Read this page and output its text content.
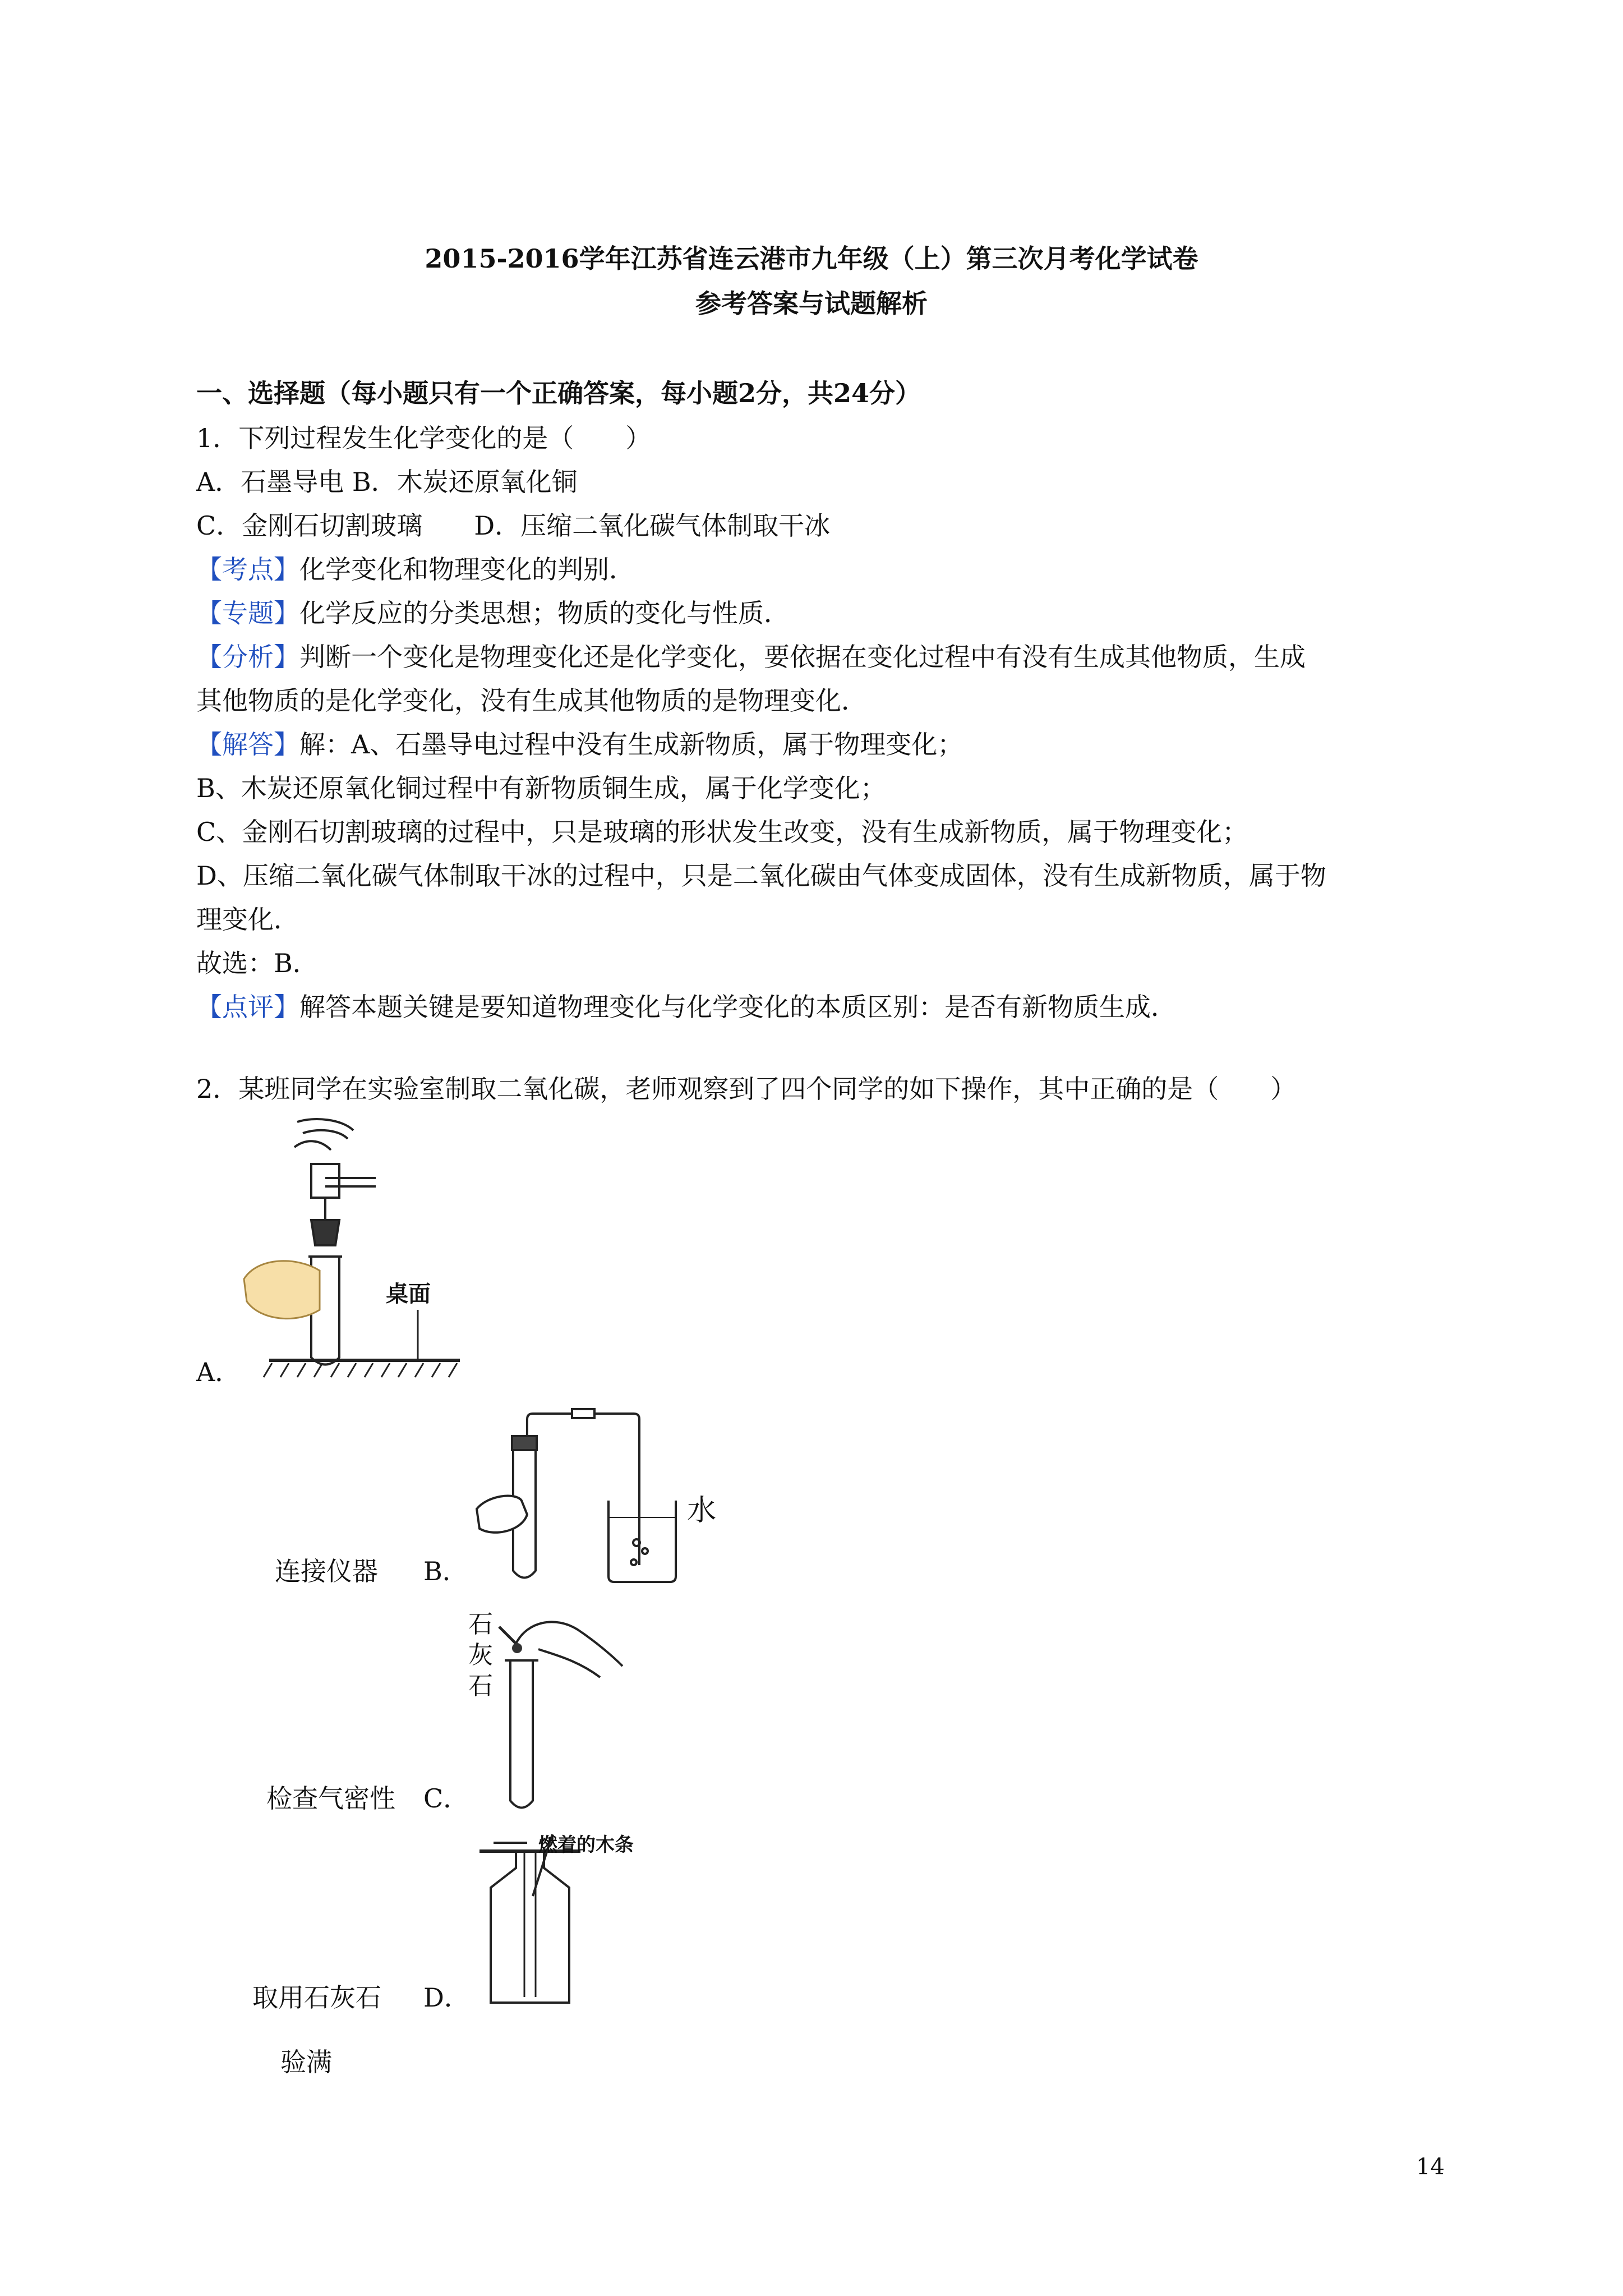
2015-2016学年江苏省连云港市九年级（上）第三次月考化学试卷
参考答案与试题解析
一、选择题（每小题只有一个正确答案，每小题2分，共24分）
1．下列过程发生化学变化的是（　　）
A．石墨导电 B．木炭还原氧化铜
C．金刚石切割玻璃　　D．压缩二氧化碳气体制取干冰
【考点】化学变化和物理变化的判别．
【专题】化学反应的分类思想；物质的变化与性质．
【分析】判断一个变化是物理变化还是化学变化，要依据在变化过程中有没有生成其他物质，生成
其他物质的是化学变化，没有生成其他物质的是物理变化．
【解答】解：A、石墨导电过程中没有生成新物质，属于物理变化；
B、木炭还原氧化铜过程中有新物质铜生成，属于化学变化；
C、金刚石切割玻璃的过程中，只是玻璃的形状发生改变，没有生成新物质，属于物理变化；
D、压缩二氧化碳气体制取干冰的过程中，只是二氧化碳由气体变成固体，没有生成新物质，属于物
理变化．
故选：B．
【点评】解答本题关键是要知道物理变化与化学变化的本质区别：是否有新物质生成．
2．某班同学在实验室制取二氧化碳，老师观察到了四个同学的如下操作，其中正确的是（　　）
桌面
A．
水
连接仪器 B．
石
灰
石
检查气密性 C．
燃着的木条
取用石灰石 D．
验满
14
